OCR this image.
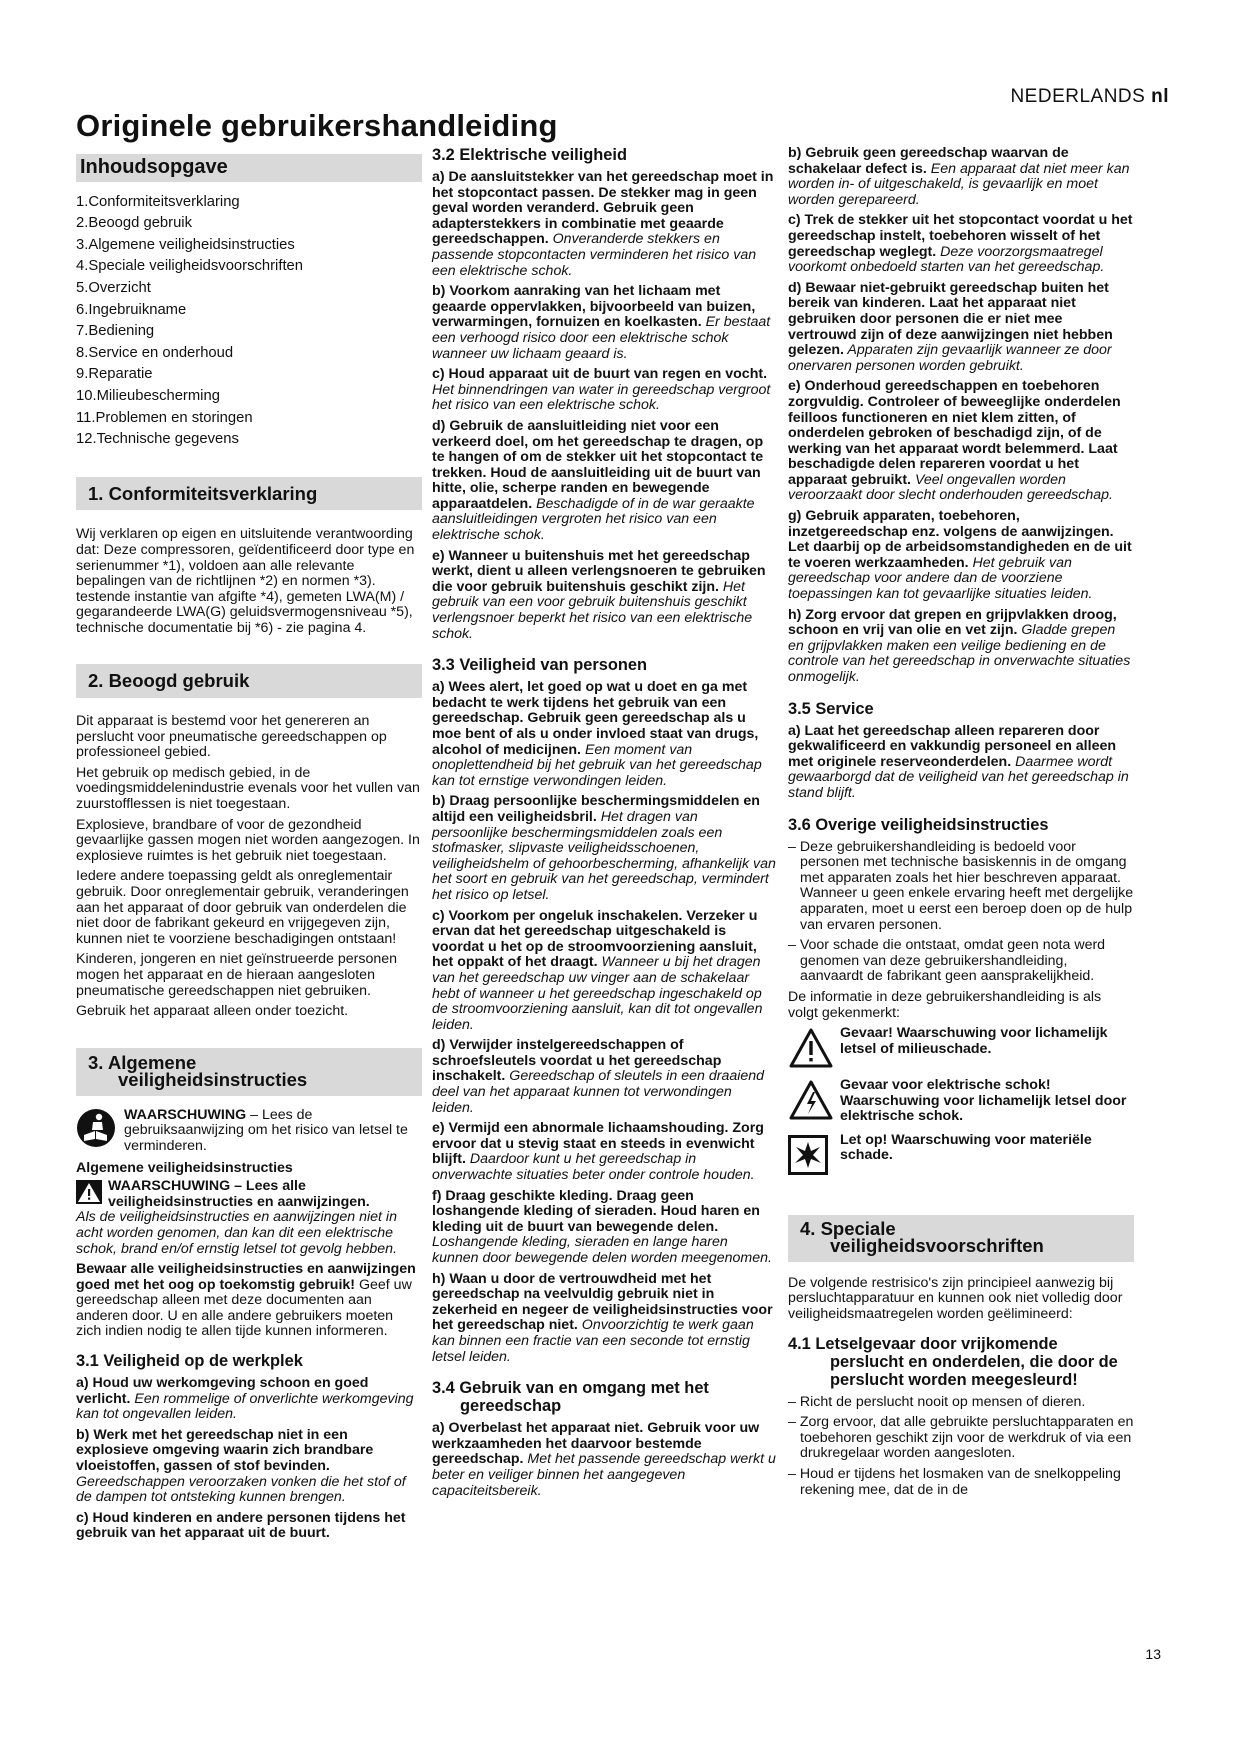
NEDERLANDS nl
Originele gebruikershandleiding
Inhoudsopgave
1.Conformiteitsverklaring
2.Beoogd gebruik
3.Algemene veiligheidsinstructies
4.Speciale veiligheidsvoorschriften
5.Overzicht
6.Ingebruikname
7.Bediening
8.Service en onderhoud
9.Reparatie
10.Milieubescherming
11.Problemen en storingen
12.Technische gegevens
1. Conformiteitsverklaring

Wij verklaren op eigen en uitsluitende verantwoording dat: Deze compressoren, geïdentificeerd door type en serienummer *1), voldoen aan alle relevante bepalingen van de richtlijnen *2) en normen *3). testende instantie van afgifte *4), gemeten LWA(M) / gegarandeerde LWA(G) geluidsvermogensniveau *5), technische documentatie bij *6) - zie pagina 4.

2. Beoogd gebruik

Dit apparaat is bestemd voor het genereren an perslucht voor pneumatische gereedschappen op professioneel gebied.

Het gebruik op medisch gebied, in de voedingsmiddelenindustrie evenals voor het vullen van zuurstofflessen is niet toegestaan.

Explosieve, brandbare of voor de gezondheid gevaarlijke gassen mogen niet worden aangezogen. In explosieve ruimtes is het gebruik niet toegestaan.

Iedere andere toepassing geldt als onreglementair gebruik. Door onreglementair gebruik, veranderingen aan het apparaat of door gebruik van onderdelen die niet door de fabrikant gekeurd en vrijgegeven zijn, kunnen niet te voorziene beschadigingen ontstaan!

Kinderen, jongeren en niet geïnstrueerde personen mogen het apparaat en de hieraan aangesloten pneumatische gereedschappen niet gebruiken.

Gebruik het apparaat alleen onder toezicht.

3. Algemene
veiligheidsinstructies
WAARSCHUWING – Lees de gebruiksaanwijzing om het risico van letsel te verminderen.

Algemene veiligheidsinstructies

WAARSCHUWING – Lees alle veiligheidsinstructies en aanwijzingen.
Als de veiligheidsinstructies en aanwijzingen niet in acht worden genomen, dan kan dit een elektrische schok, brand en/of ernstig letsel tot gevolg hebben.

Bewaar alle veiligheidsinstructies en aanwijzingen goed met het oog op toekomstig gebruik! Geef uw gereedschap alleen met deze documenten aan anderen door. U en alle andere gebruikers moeten zich indien nodig te allen tijde kunnen informeren.

3.1 Veiligheid op de werkplek

a) Houd uw werkomgeving schoon en goed verlicht. Een rommelige of onverlichte werkomgeving kan tot ongevallen leiden.

b) Werk met het gereedschap niet in een explosieve omgeving waarin zich brandbare vloeistoffen, gassen of stof bevinden. Gereedschappen veroorzaken vonken die het stof of de dampen tot ontsteking kunnen brengen.

c) Houd kinderen en andere personen tijdens het gebruik van het apparaat uit de buurt.

3.2 Elektrische veiligheid

a) De aansluitstekker van het gereedschap moet in het stopcontact passen. De stekker mag in geen geval worden veranderd. Gebruik geen adapterstekkers in combinatie met geaarde gereedschappen. Onveranderde stekkers en passende stopcontacten verminderen het risico van een elektrische schok.

b) Voorkom aanraking van het lichaam met geaarde oppervlakken, bijvoorbeeld van buizen, verwarmingen, fornuizen en koelkasten. Er bestaat een verhoogd risico door een elektrische schok wanneer uw lichaam geaard is.

c) Houd apparaat uit de buurt van regen en vocht. Het binnendringen van water in gereedschap vergroot het risico van een elektrische schok.

d) Gebruik de aansluitleiding niet voor een verkeerd doel, om het gereedschap te dragen, op te hangen of om de stekker uit het stopcontact te trekken. Houd de aansluitleiding uit de buurt van hitte, olie, scherpe randen en bewegende apparaatdelen. Beschadigde of in de war geraakte aansluitleidingen vergroten het risico van een elektrische schok.

e) Wanneer u buitenshuis met het gereedschap werkt, dient u alleen verlengsnoeren te gebruiken die voor gebruik buitenshuis geschikt zijn. Het gebruik van een voor gebruik buitenshuis geschikt verlengsnoer beperkt het risico van een elektrische schok.

3.3 Veiligheid van personen

a) Wees alert, let goed op wat u doet en ga met bedacht te werk tijdens het gebruik van een gereedschap. Gebruik geen gereedschap als u moe bent of als u onder invloed staat van drugs, alcohol of medicijnen. Een moment van onoplettendheid bij het gebruik van het gereedschap kan tot ernstige verwondingen leiden.

b) Draag persoonlijke beschermingsmiddelen en altijd een veiligheidsbril. Het dragen van persoonlijke beschermingsmiddelen zoals een stofmasker, slipvaste veiligheidsschoenen, veiligheidshelm of gehoorbescherming, afhankelijk van het soort en gebruik van het gereedschap, vermindert het risico op letsel.

c) Voorkom per ongeluk inschakelen. Verzeker u ervan dat het gereedschap uitgeschakeld is voordat u het op de stroomvoorziening aansluit, het oppakt of het draagt. Wanneer u bij het dragen van het gereedschap uw vinger aan de schakelaar hebt of wanneer u het gereedschap ingeschakeld op de stroomvoorziening aansluit, kan dit tot ongevallen leiden.

d) Verwijder instelgereedschappen of schroefsleutels voordat u het gereedschap inschakelt. Gereedschap of sleutels in een draaiend deel van het apparaat kunnen tot verwondingen leiden.

e) Vermijd een abnormale lichaamshouding. Zorg ervoor dat u stevig staat en steeds in evenwicht blijft. Daardoor kunt u het gereedschap in onverwachte situaties beter onder controle houden.

f) Draag geschikte kleding. Draag geen loshangende kleding of sieraden. Houd haren en kleding uit de buurt van bewegende delen. Loshangende kleding, sieraden en lange haren kunnen door bewegende delen worden meegenomen.

h) Waan u door de vertrouwdheid met het gereedschap na veelvuldig gebruik niet in zekerheid en negeer de veiligheidsinstructies voor het gereedschap niet. Onvoorzichtig te werk gaan kan binnen een fractie van een seconde tot ernstig letsel leiden.

3.4 Gebruik van en omgang met het gereedschap

a) Overbelast het apparaat niet. Gebruik voor uw werkzaamheden het daarvoor bestemde gereedschap. Met het passende gereedschap werkt u beter en veiliger binnen het aangegeven capaciteitsbereik.

b) Gebruik geen gereedschap waarvan de schakelaar defect is. Een apparaat dat niet meer kan worden in- of uitgeschakeld, is gevaarlijk en moet worden gerepareerd.

c) Trek de stekker uit het stopcontact voordat u het gereedschap instelt, toebehoren wisselt of het gereedschap weglegt. Deze voorzorgsmaatregel voorkomt onbedoeld starten van het gereedschap.

d) Bewaar niet-gebruikt gereedschap buiten het bereik van kinderen. Laat het apparaat niet gebruiken door personen die er niet mee vertrouwd zijn of deze aanwijzingen niet hebben gelezen. Apparaten zijn gevaarlijk wanneer ze door onervaren personen worden gebruikt.

e) Onderhoud gereedschappen en toebehoren zorgvuldig. Controleer of beweeglijke onderdelen feilloos functioneren en niet klem zitten, of onderdelen gebroken of beschadigd zijn, of de werking van het apparaat wordt belemmerd. Laat beschadigde delen repareren voordat u het apparaat gebruikt. Veel ongevallen worden veroorzaakt door slecht onderhouden gereedschap.

g) Gebruik apparaten, toebehoren, inzetgereedschap enz. volgens de aanwijzingen. Let daarbij op de arbeidsomstandigheden en de uit te voeren werkzaamheden. Het gebruik van gereedschap voor andere dan de voorziene toepassingen kan tot gevaarlijke situaties leiden.

h) Zorg ervoor dat grepen en grijpvlakken droog, schoon en vrij van olie en vet zijn. Gladde grepen en grijpvlakken maken een veilige bediening en de controle van het gereedschap in onverwachte situaties onmogelijk.

3.5 Service

a) Laat het gereedschap alleen repareren door gekwalificeerd en vakkundig personeel en alleen met originele reserveonderdelen. Daarmee wordt gewaarborgd dat de veiligheid van het gereedschap in stand blijft.

3.6 Overige veiligheidsinstructies

– Deze gebruikershandleiding is bedoeld voor personen met technische basiskennis in de omgang met apparaten zoals het hier beschreven apparaat. Wanneer u geen enkele ervaring heeft met dergelijke apparaten, moet u eerst een beroep doen op de hulp van ervaren personen.

– Voor schade die ontstaat, omdat geen nota werd genomen van deze gebruikershandleiding, aanvaardt de fabrikant geen aansprakelijkheid.

De informatie in deze gebruikershandleiding is als volgt gekenmerkt:

Gevaar! Waarschuwing voor lichamelijk letsel of milieuschade.
Gevaar voor elektrische schok! Waarschuwing voor lichamelijk letsel door elektrische schok.
Let op! Waarschuwing voor materiële schade.
4. Speciale
veiligheidsvoorschriften

De volgende restrisico's zijn principieel aanwezig bij persluchtapparatuur en kunnen ook niet volledig door veiligheidsmaatregelen worden geëlimineerd:

4.1 Letselgevaar door vrijkomende perslucht en onderdelen, die door de perslucht worden meegesleurd!

– Richt de perslucht nooit op mensen of dieren.

– Zorg ervoor, dat alle gebruikte persluchtapparaten en toebehoren geschikt zijn voor de werkdruk of via een drukregelaar worden aangesloten.

– Houd er tijdens het losmaken van de snelkoppeling rekening mee, dat de in de

13
